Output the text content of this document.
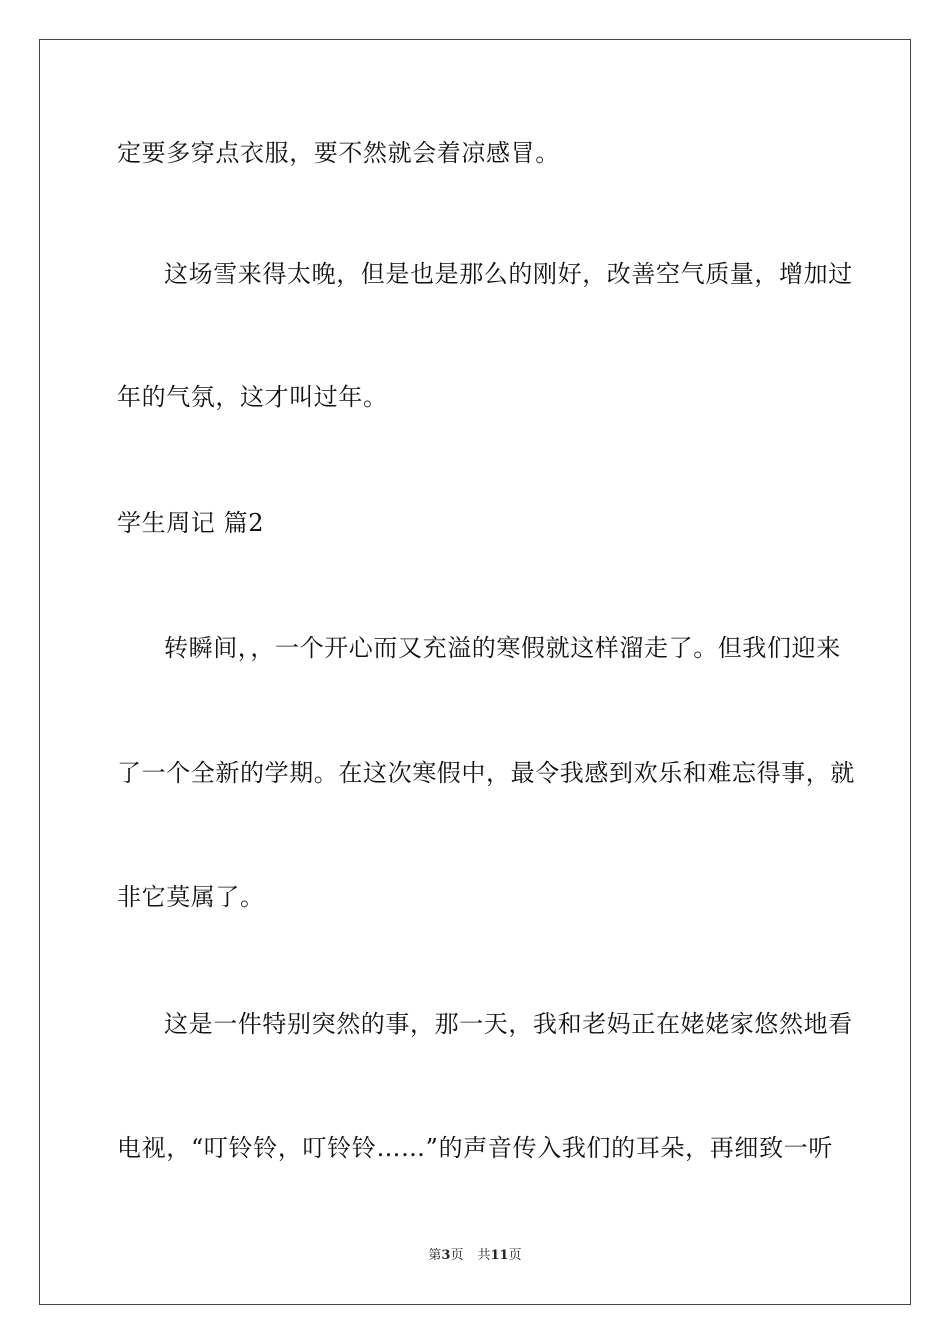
定要多穿点衣服，要不然就会着凉感冒。
这场雪来得太晚，但是也是那么的刚好，改善空气质量，增加过
年的气氛，这才叫过年。
学生周记 篇2
转瞬间，，一个开心而又充溢的寒假就这样溜走了。但我们迎来
了一个全新的学期。在这次寒假中，最令我感到欢乐和难忘得事，就
非它莫属了。
这是一件特别突然的事，那一天，我和老妈正在姥姥家悠然地看
电视，“叮铃铃，叮铃铃……”的声音传入我们的耳朵，再细致一听
第3页 共11页
